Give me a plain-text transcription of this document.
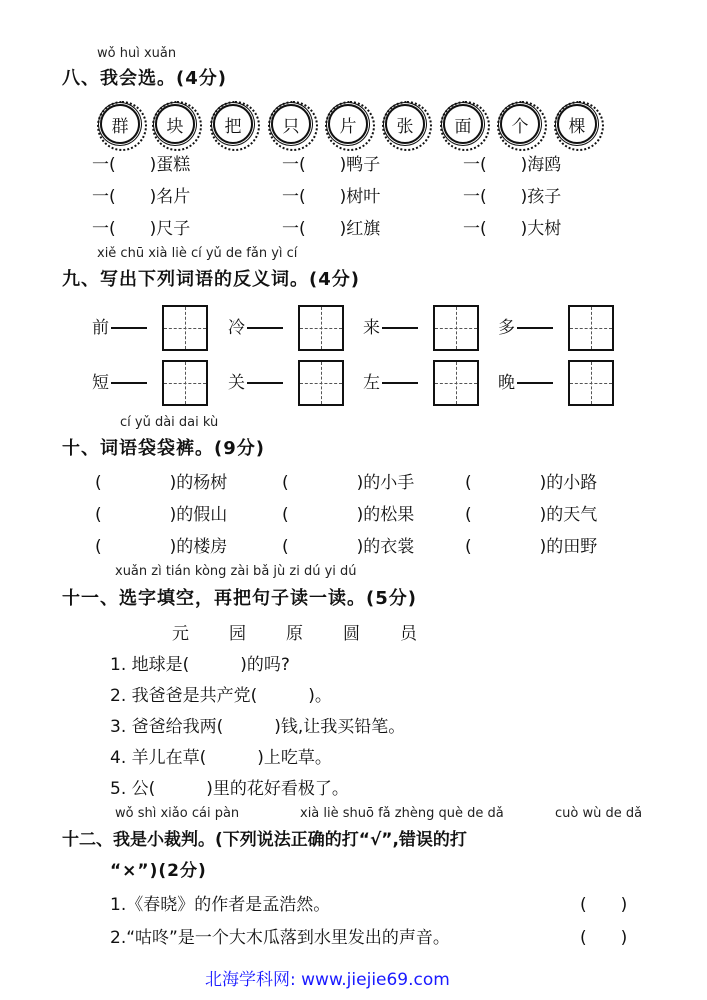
wǒ huì xuǎn
八、我会选。(4分)
群 块 把 只 片 张 面 个 棵
一(　　)蛋糕	一(　　)鸭子	一(　　)海鸥
一(　　)名片	一(　　)树叶	一(　　)孩子
一(　　)尺子	一(　　)红旗	一(　　)大树
xiě chū xià liè cí yǔ de fǎn yì cí
九、写出下列词语的反义词。(4分)
前	冷	来	多
短	关	左	晚
cí yǔ dài dai kù
十、词语袋袋裤。(9分)
(　　　　)的杨树	(　　　　)的小手	(　　　　)的小路
(　　　　)的假山	(　　　　)的松果	(　　　　)的天气
(　　　　)的楼房	(　　　　)的衣裳	(　　　　)的田野
xuǎn zì tián kòng zài bǎ jù zi dú yi dú
十一、选字填空，再把句子读一读。(5分)
元　　园　　原　　圆　　员
1. 地球是(　　　)的吗?
2. 我爸爸是共产党(　　　)。
3. 爸爸给我两(　　　)钱,让我买铅笔。
4. 羊儿在草(　　　)上吃草。
5. 公(　　　)里的花好看极了。
wǒ shì xiǎo cái pàn	xià liè shuō fǎ zhèng què de dǎ	cuò wù de dǎ
十二、我是小裁判。(下列说法正确的打“√”,错误的打
“×”)(2分)
1.《春晓》的作者是孟浩然。	(　　)
2.“咕咚”是一个大木瓜落到水里发出的声音。	(　　)
北海学科网: www.jiejie69.com
